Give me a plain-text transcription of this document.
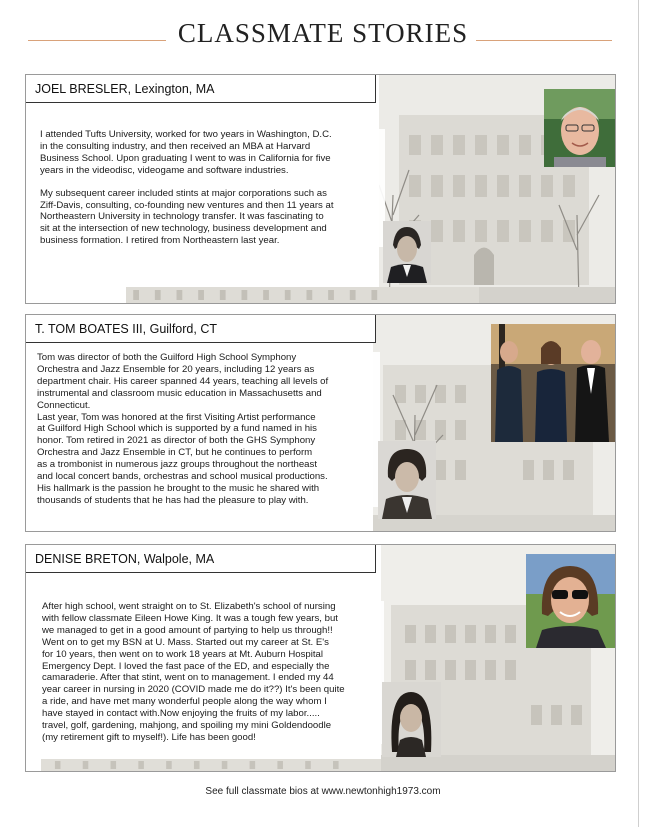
CLASSMATE STORIES
JOEL BRESLER, Lexington, MA

I attended Tufts University, worked for two years in Washington, D.C.

in the consulting industry, and then received an MBA at Harvard

Business School. Upon graduating I went to was in California for five

years in the videodisc, videogame and software industries.

My subsequent career included stints at major corporations such as

Ziff-Davis, consulting, co-founding new ventures and then 11 years at

Northeastern University in technology transfer. It was fascinating to

sit at the intersection of new technology, business development and

business formation. I retired from Northeastern last year.

T. TOM BOATES III, Guilford, CT

Tom was director of both the Guilford High School Symphony

Orchestra and Jazz Ensemble for 20 years, including 12 years as

department chair. His career spanned 44 years, teaching all levels of

instrumental and classroom music education in Massachusetts and

Connecticut.

Last year, Tom was honored at the first Visiting Artist performance

at Guilford High School which is supported by a fund named in his

honor. Tom retired in 2021 as director of both the GHS Symphony

Orchestra and Jazz Ensemble in CT, but he continues to perform

as a trombonist in numerous jazz groups throughout the northeast

and local concert bands, orchestras and school musical productions.

His hallmark is the passion he brought to the music he shared with

thousands of students that he has had the pleasure to play with.

DENISE BRETON, Walpole, MA

After high school, went straight on to St. Elizabeth's school of nursing

with fellow classmate Eileen Howe King. It was a tough few years, but

we managed to get in a good amount of partying to help us through!!

Went on to get my BSN at U. Mass. Started out my career at St. E's

for 10 years, then went on to work 18 years at Mt. Auburn Hospital

Emergency Dept. I loved the fast pace of the ED, and especially the

camaraderie. After that stint, went on to management. I ended my 44

year career in nursing in 2020 (COVID made me do it??) It's been quite

a ride, and have met many wonderful people along the way whom I

have stayed in contact with.Now enjoying the fruits of my labor.....

travel, golf, gardening, mahjong, and spoiling my mini Goldendoodle

(my retirement gift to myself!). Life has been good!

See full classmate bios at www.newtonhigh1973.com
